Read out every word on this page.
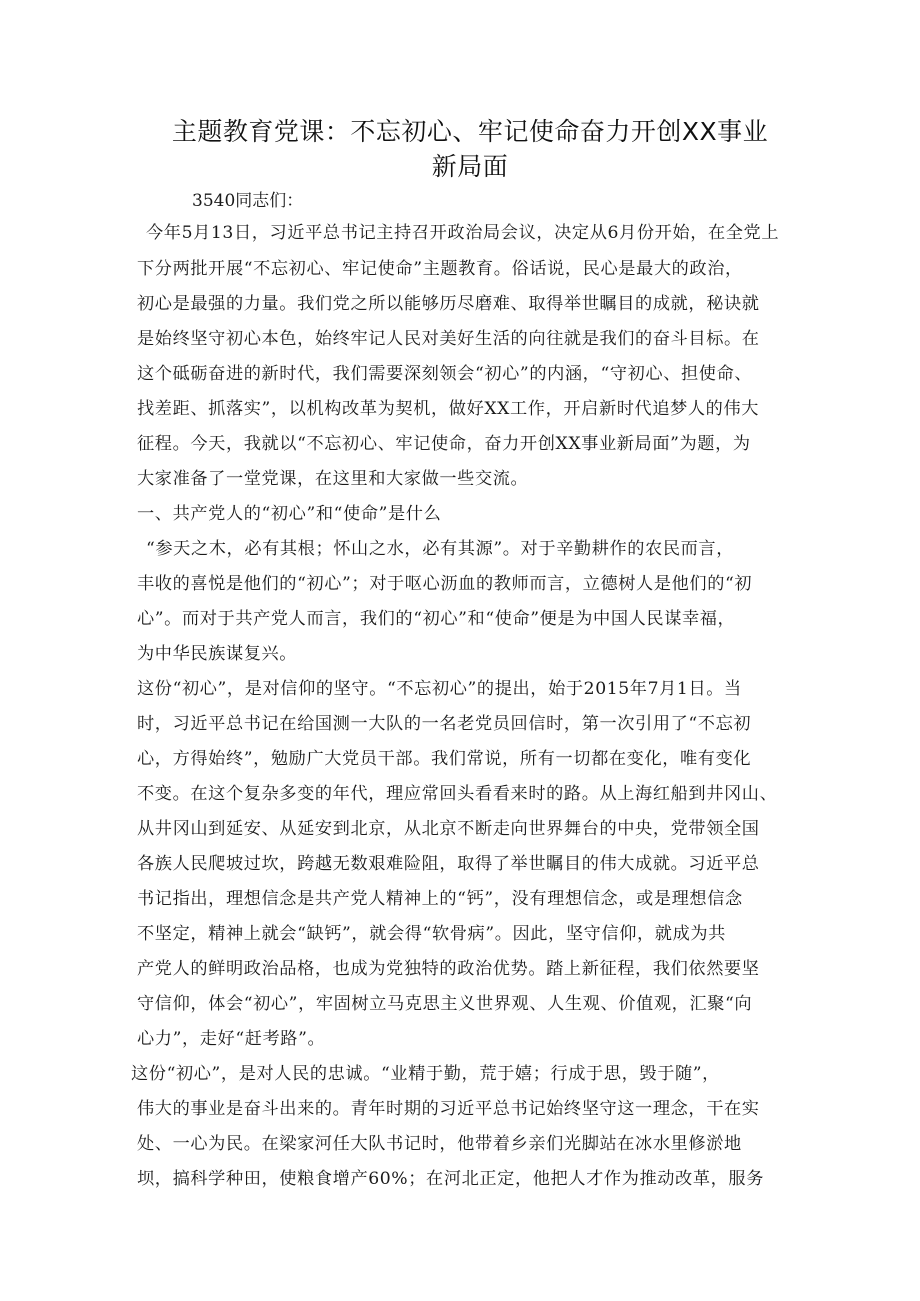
主题教育党课：不忘初心、牢记使命奋力开创XX事业
新局面
3540同志们：
今年5月13日，习近平总书记主持召开政治局会议，决定从6月份开始，在全党上
下分两批开展“不忘初心、牢记使命”主题教育。俗话说，民心是最大的政治，
初心是最强的力量。我们党之所以能够历尽磨难、取得举世瞩目的成就，秘诀就
是始终坚守初心本色，始终牢记人民对美好生活的向往就是我们的奋斗目标。在
这个砥砺奋进的新时代，我们需要深刻领会“初心”的内涵，“守初心、担使命、
找差距、抓落实”，以机构改革为契机，做好XX工作，开启新时代追梦人的伟大
征程。今天，我就以“不忘初心、牢记使命，奋力开创XX事业新局面”为题，为
大家准备了一堂党课，在这里和大家做一些交流。
一、共产党人的“初心”和“使命”是什么
“参天之木，必有其根；怀山之水，必有其源”。对于辛勤耕作的农民而言，
丰收的喜悦是他们的“初心”；对于呕心沥血的教师而言，立德树人是他们的“初
心”。而对于共产党人而言，我们的“初心”和“使命”便是为中国人民谋幸福，
为中华民族谋复兴。
这份“初心”，是对信仰的坚守。“不忘初心”的提出，始于2015年7月1日。当
时，习近平总书记在给国测一大队的一名老党员回信时，第一次引用了“不忘初
心，方得始终”，勉励广大党员干部。我们常说，所有一切都在变化，唯有变化
不变。在这个复杂多变的年代，理应常回头看看来时的路。从上海红船到井冈山、
从井冈山到延安、从延安到北京，从北京不断走向世界舞台的中央，党带领全国
各族人民爬坡过坎，跨越无数艰难险阻，取得了举世瞩目的伟大成就。习近平总
书记指出，理想信念是共产党人精神上的“钙”，没有理想信念，或是理想信念
不坚定，精神上就会“缺钙”，就会得“软骨病”。因此，坚守信仰，就成为共
产党人的鲜明政治品格，也成为党独特的政治优势。踏上新征程，我们依然要坚
守信仰，体会“初心”，牢固树立马克思主义世界观、人生观、价值观，汇聚“向
心力”，走好“赶考路”。
这份“初心”，是对人民的忠诚。“业精于勤，荒于嬉；行成于思，毁于随”，
伟大的事业是奋斗出来的。青年时期的习近平总书记始终坚守这一理念，干在实
处、一心为民。在梁家河任大队书记时，他带着乡亲们光脚站在冰水里修淤地
坝，搞科学种田，使粮食增产60%；在河北正定，他把人才作为推动改革，服务
